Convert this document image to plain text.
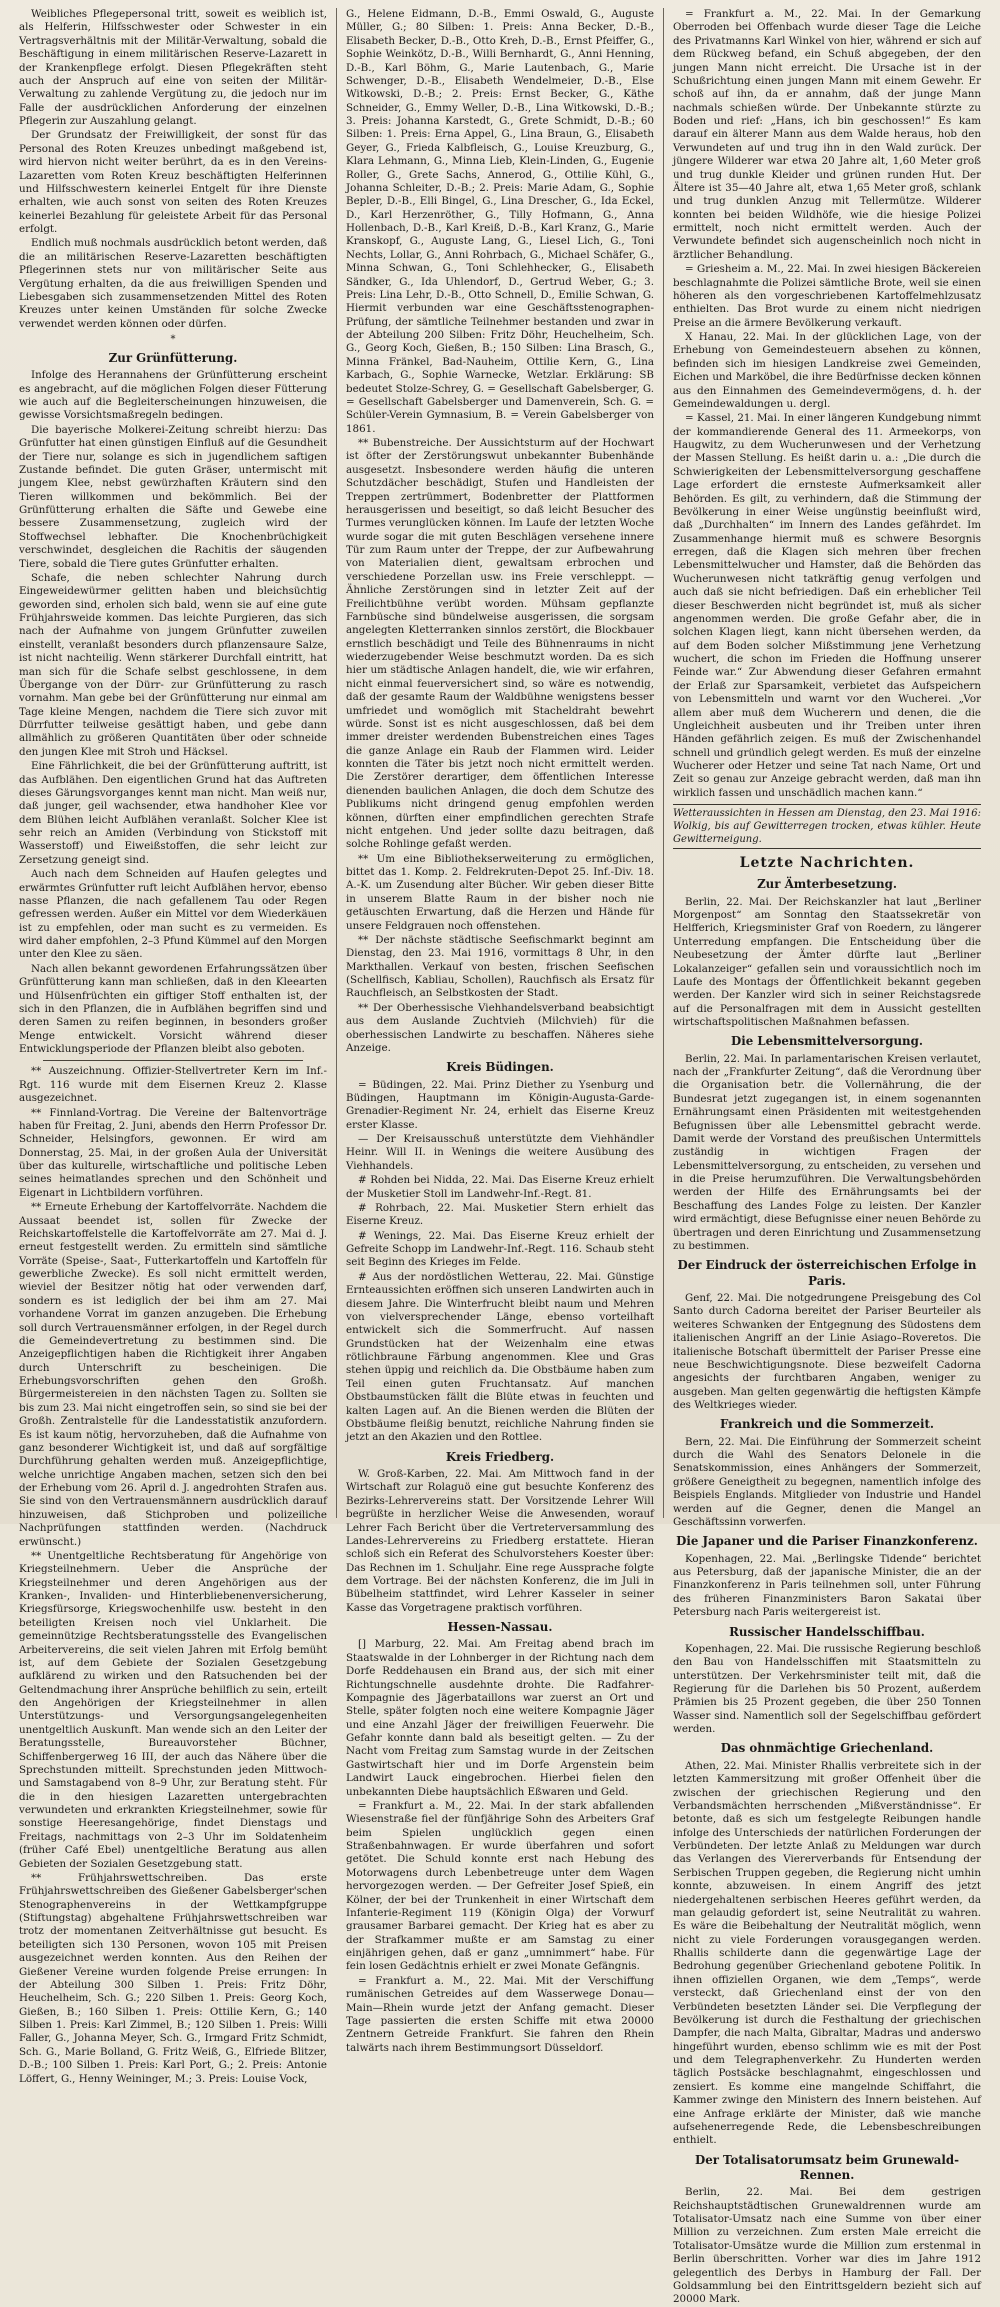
Weibliches Pflegepersonal tritt, soweit es weiblich ist, als Helferin, Hilfsschwester oder Schwester in ein Vertragsverhältnis mit der Militär-Verwaltung, sobald die Beschäftigung in einem militärischen Reserve-Lazarett in der Krankenpflege erfolgt. Diesen Pflegekräften steht auch der Anspruch auf eine von seiten der Militär-Verwaltung zu zahlende Vergütung zu, die jedoch nur im Falle der ausdrücklichen Anforderung der einzelnen Pflegerin zur Auszahlung gelangt.

Der Grundsatz der Freiwilligkeit, der sonst für das Personal des Roten Kreuzes unbedingt maßgebend ist, wird hiervon nicht weiter berührt, da es in den Vereins-Lazaretten vom Roten Kreuz beschäftigten Helferinnen und Hilfsschwestern keinerlei Entgelt für ihre Dienste erhalten, wie auch sonst von seiten des Roten Kreuzes keinerlei Bezahlung für geleistete Arbeit für das Personal erfolgt.

Endlich muß nochmals ausdrücklich betont werden, daß die an militärischen Reserve-Lazaretten beschäftigten Pflegerinnen stets nur von militärischer Seite aus Vergütung erhalten, da die aus freiwilligen Spenden und Liebesgaben sich zusammensetzenden Mittel des Roten Kreuzes unter keinen Umständen für solche Zwecke verwendet werden können oder dürfen.

*
Zur Grünfütterung.

Infolge des Herannahens der Grünfütterung erscheint es angebracht, auf die möglichen Folgen dieser Fütterung wie auch auf die Begleiterscheinungen hinzuweisen, die gewisse Vorsichtsmaßregeln bedingen.

Die bayerische Molkerei-Zeitung schreibt hierzu: Das Grünfutter hat einen günstigen Einfluß auf die Gesundheit der Tiere nur, solange es sich in jugendlichem saftigen Zustande befindet. Die guten Gräser, untermischt mit jungem Klee, nebst gewürzhaften Kräutern sind den Tieren willkommen und bekömmlich. Bei der Grünfütterung erhalten die Säfte und Gewebe eine bessere Zusammensetzung, zugleich wird der Stoffwechsel lebhafter. Die Knochenbrüchigkeit verschwindet, desgleichen die Rachitis der säugenden Tiere, sobald die Tiere gutes Grünfutter erhalten.

Schafe, die neben schlechter Nahrung durch Eingeweidewürmer gelitten haben und bleichsüchtig geworden sind, erholen sich bald, wenn sie auf eine gute Frühjahrsweide kommen. Das leichte Purgieren, das sich nach der Aufnahme von jungem Grünfutter zuweilen einstellt, veranlaßt besonders durch pflanzensaure Salze, ist nicht nachteilig. Wenn stärkerer Durchfall eintritt, hat man sich für die Schafe selbst geschlossene, in dem Übergange von der Dürr- zur Grünfütterung zu rasch vornahm. Man gebe bei der Grünfütterung nur einmal am Tage kleine Mengen, nachdem die Tiere sich zuvor mit Dürrfutter teilweise gesättigt haben, und gebe dann allmählich zu größeren Quantitäten über oder schneide den jungen Klee mit Stroh und Häcksel.

Eine Fährlichkeit, die bei der Grünfütterung auftritt, ist das Aufblähen. Den eigentlichen Grund hat das Auftreten dieses Gärungsvorganges kennt man nicht. Man weiß nur, daß junger, geil wachsender, etwa handhoher Klee vor dem Blühen leicht Aufblähen veranlaßt. Solcher Klee ist sehr reich an Amiden (Verbindung von Stickstoff mit Wasserstoff) und Eiweißstoffen, die sehr leicht zur Zersetzung geneigt sind.

Auch nach dem Schneiden auf Haufen gelegtes und erwärmtes Grünfutter ruft leicht Aufblähen hervor, ebenso nasse Pflanzen, die nach gefallenem Tau oder Regen gefressen werden. Außer ein Mittel vor dem Wiederkäuen ist zu empfehlen, oder man sucht es zu vermeiden. Es wird daher empfohlen, 2–3 Pfund Kümmel auf den Morgen unter den Klee zu säen.

Nach allen bekannt gewordenen Erfahrungssätzen über Grünfütterung kann man schließen, daß in den Kleearten und Hülsenfrüchten ein giftiger Stoff enthalten ist, der sich in den Pflanzen, die in Aufblähen begriffen sind und deren Samen zu reifen beginnen, in besonders großer Menge entwickelt. Vorsicht während dieser Entwicklungsperiode der Pflanzen bleibt also geboten.

** Auszeichnung. Offizier-Stellvertreter Kern im Inf.-Rgt. 116 wurde mit dem Eisernen Kreuz 2. Klasse ausgezeichnet.

** Finnland-Vortrag. Die Vereine der Baltenvorträge haben für Freitag, 2. Juni, abends den Herrn Professor Dr. Schneider, Helsingfors, gewonnen. Er wird am Donnerstag, 25. Mai, in der großen Aula der Universität über das kulturelle, wirtschaftliche und politische Leben seines heimatlandes sprechen und den Schönheit und Eigenart in Lichtbildern vorführen.

** Erneute Erhebung der Kartoffelvorräte. Nachdem die Aussaat beendet ist, sollen für Zwecke der Reichskartoffelstelle die Kartoffelvorräte am 27. Mai d. J. erneut festgestellt werden. Zu ermitteln sind sämtliche Vorräte (Speise-, Saat-, Futterkartoffeln und Kartoffeln für gewerbliche Zwecke). Es soll nicht ermittelt werden, wieviel der Besitzer nötig hat oder verwenden darf, sondern es ist lediglich der bei ihm am 27. Mai vorhandene Vorrat im ganzen anzugeben. Die Erhebung soll durch Vertrauensmänner erfolgen, in der Regel durch die Gemeindevertretung zu bestimmen sind. Die Anzeigepflichtigen haben die Richtigkeit ihrer Angaben durch Unterschrift zu bescheinigen. Die Erhebungsvorschriften gehen den Großh. Bürgermeistereien in den nächsten Tagen zu. Sollten sie bis zum 23. Mai nicht eingetroffen sein, so sind sie bei der Großh. Zentralstelle für die Landesstatistik anzufordern. Es ist kaum nötig, hervorzuheben, daß die Aufnahme von ganz besonderer Wichtigkeit ist, und daß auf sorgfältige Durchführung gehalten werden muß. Anzeigepflichtige, welche unrichtige Angaben machen, setzen sich den bei der Erhebung vom 26. April d. J. angedrohten Strafen aus. Sie sind von den Vertrauensmännern ausdrücklich darauf hinzuweisen, daß Stichproben und polizeiliche Nachprüfungen stattfinden werden. (Nachdruck erwünscht.)

** Unentgeltliche Rechtsberatung für Angehörige von Kriegsteilnehmern. Ueber die Ansprüche der Kriegsteilnehmer und deren Angehörigen aus der Kranken-, Invaliden- und Hinterbliebenenversicherung, Kriegsfürsorge, Kriegswochenhilfe usw. besteht in den beteiligten Kreisen noch viel Unklarheit. Die gemeinnützige Rechtsberatungsstelle des Evangelischen Arbeitervereins, die seit vielen Jahren mit Erfolg bemüht ist, auf dem Gebiete der Sozialen Gesetzgebung aufklärend zu wirken und den Ratsuchenden bei der Geltendmachung ihrer Ansprüche behilflich zu sein, erteilt den Angehörigen der Kriegsteilnehmer in allen Unterstützungs- und Versorgungsangelegenheiten unentgeltlich Auskunft. Man wende sich an den Leiter der Beratungsstelle, Bureauvorsteher Büchner, Schiffenbergerweg 16 III, der auch das Nähere über die Sprechstunden mitteilt. Sprechstunden jeden Mittwoch- und Samstagabend von 8–9 Uhr, zur Beratung steht. Für die in den hiesigen Lazaretten untergebrachten verwundeten und erkrankten Kriegsteilnehmer, sowie für sonstige Heeresangehörige, findet Dienstags und Freitags, nachmittags von 2–3 Uhr im Soldatenheim (früher Café Ebel) unentgeltliche Beratung aus allen Gebieten der Sozialen Gesetzgebung statt.

** Frühjahrswettschreiben. Das erste Frühjahrswettschreiben des Gießener Gabelsberger'schen Stenographenvereins in der Wettkampfgruppe (Stiftungstag) abgehaltene Frühjahrswettschreiben war trotz der momentanen Zeitverhältnisse gut besucht. Es beteiligten sich 130 Personen, wovon 105 mit Preisen ausgezeichnet werden konnten. Aus den Reihen der Gießener Vereine wurden folgende Preise errungen: In der Abteilung 300 Silben 1. Preis: Fritz Döhr, Heuchelheim, Sch. G.; 220 Silben 1. Preis: Georg Koch, Gießen, B.; 160 Silben 1. Preis: Ottilie Kern, G.; 140 Silben 1. Preis: Karl Zimmel, B.; 120 Silben 1. Preis: Willi Faller, G., Johanna Meyer, Sch. G., Irmgard Fritz Schmidt, Sch. G., Marie Bolland, G. Fritz Weiß, G., Elfriede Blitzer, D.-B.; 100 Silben 1. Preis: Karl Port, G.; 2. Preis: Antonie Löffert, G., Henny Weininger, M.; 3. Preis: Louise Vock,

G., Helene Eidmann, D.-B., Emmi Oswald, G., Auguste Müller, G.; 80 Silben: 1. Preis: Anna Becker, D.-B., Elisabeth Becker, D.-B., Otto Kreh, D.-B., Ernst Pfeiffer, G., Sophie Weinkötz, D.-B., Willi Bernhardt, G., Anni Henning, D.-B., Karl Böhm, G., Marie Lautenbach, G., Marie Schwenger, D.-B., Elisabeth Wendelmeier, D.-B., Else Witkowski, D.-B.; 2. Preis: Ernst Becker, G., Käthe Schneider, G., Emmy Weller, D.-B., Lina Witkowski, D.-B.; 3. Preis: Johanna Karstedt, G., Grete Schmidt, D.-B.; 60 Silben: 1. Preis: Erna Appel, G., Lina Braun, G., Elisabeth Geyer, G., Frieda Kalbfleisch, G., Louise Kreuzburg, G., Klara Lehmann, G., Minna Lieb, Klein-Linden, G., Eugenie Roller, G., Grete Sachs, Annerod, G., Ottilie Kühl, G., Johanna Schleiter, D.-B.; 2. Preis: Marie Adam, G., Sophie Bepler, D.-B., Elli Bingel, G., Lina Drescher, G., Ida Eckel, D., Karl Herzenröther, G., Tilly Hofmann, G., Anna Hollenbach, D.-B., Karl Kreiß, D.-B., Karl Kranz, G., Marie Kranskopf, G., Auguste Lang, G., Liesel Lich, G., Toni Nechts, Lollar, G., Anni Rohrbach, G., Michael Schäfer, G., Minna Schwan, G., Toni Schlehhecker, G., Elisabeth Sändker, G., Ida Uhlendorf, D., Gertrud Weber, G.; 3. Preis: Lina Lehr, D.-B., Otto Schnell, D., Emilie Schwan, G. Hiermit verbunden war eine Geschäftsstenographen-Prüfung, der sämtliche Teilnehmer bestanden und zwar in der Abteilung 200 Silben: Fritz Döhr, Heuchelheim, Sch. G., Georg Koch, Gießen, B.; 150 Silben: Lina Brasch, G., Minna Fränkel, Bad-Nauheim, Ottilie Kern, G., Lina Karbach, G., Sophie Warnecke, Wetzlar. Erklärung: SB bedeutet Stolze-Schrey, G. = Gesellschaft Gabelsberger, G. = Gesellschaft Gabelsberger und Damenverein, Sch. G. = Schüler-Verein Gymnasium, B. = Verein Gabelsberger von 1861.

** Bubenstreiche. Der Aussichtsturm auf der Hochwart ist öfter der Zerstörungswut unbekannter Bubenhände ausgesetzt. Insbesondere werden häufig die unteren Schutzdächer beschädigt, Stufen und Handleisten der Treppen zertrümmert, Bodenbretter der Plattformen herausgerissen und beseitigt, so daß leicht Besucher des Turmes verunglücken können. Im Laufe der letzten Woche wurde sogar die mit guten Beschlägen versehene innere Tür zum Raum unter der Treppe, der zur Aufbewahrung von Materialien dient, gewaltsam erbrochen und verschiedene Porzellan usw. ins Freie verschleppt. — Ähnliche Zerstörungen sind in letzter Zeit auf der Freilichtbühne verübt worden. Mühsam gepflanzte Farnbüsche sind bündelweise ausgerissen, die sorgsam angelegten Kletterranken sinnlos zerstört, die Blockbauer ernstlich beschädigt und Teile des Bühnenraums in nicht wiederzugebender Weise beschmutzt worden. Da es sich hier um städtische Anlagen handelt, die, wie wir erfahren, nicht einmal feuerversichert sind, so wäre es notwendig, daß der gesamte Raum der Waldbühne wenigstens besser umfriedet und womöglich mit Stacheldraht bewehrt würde. Sonst ist es nicht ausgeschlossen, daß bei dem immer dreister werdenden Bubenstreichen eines Tages die ganze Anlage ein Raub der Flammen wird. Leider konnten die Täter bis jetzt noch nicht ermittelt werden. Die Zerstörer derartiger, dem öffentlichen Interesse dienenden baulichen Anlagen, die doch dem Schutze des Publikums nicht dringend genug empfohlen werden können, dürften einer empfindlichen gerechten Strafe nicht entgehen. Und jeder sollte dazu beitragen, daß solche Rohlinge gefaßt werden.

** Um eine Bibliothekserweiterung zu ermöglichen, bittet das 1. Komp. 2. Feldrekruten-Depot 25. Inf.-Div. 18. A.-K. um Zusendung alter Bücher. Wir geben dieser Bitte in unserem Blatte Raum in der bisher noch nie getäuschten Erwartung, daß die Herzen und Hände für unsere Feldgrauen noch offenstehen.

** Der nächste städtische Seefischmarkt beginnt am Dienstag, den 23. Mai 1916, vormittags 8 Uhr, in den Markthallen. Verkauf von besten, frischen Seefischen (Schellfisch, Kabliau, Schollen), Rauchfisch als Ersatz für Rauchfleisch, an Selbstkosten der Stadt.

** Der Oberhessische Viehhandelsverband beabsichtigt aus dem Auslande Zuchtvieh (Milchvieh) für die oberhessischen Landwirte zu beschaffen. Näheres siehe Anzeige.

Kreis Büdingen.

= Büdingen, 22. Mai. Prinz Diether zu Ysenburg und Büdingen, Hauptmann im Königin-Augusta-Garde-Grenadier-Regiment Nr. 24, erhielt das Eiserne Kreuz erster Klasse.

— Der Kreisausschuß unterstützte dem Viehhändler Heinr. Will II. in Wenings die weitere Ausübung des Viehhandels.

# Rohden bei Nidda, 22. Mai. Das Eiserne Kreuz erhielt der Musketier Stoll im Landwehr-Inf.-Regt. 81.

# Rohrbach, 22. Mai. Musketier Stern erhielt das Eiserne Kreuz.

# Wenings, 22. Mai. Das Eiserne Kreuz erhielt der Gefreite Schopp im Landwehr-Inf.-Regt. 116. Schaub steht seit Beginn des Krieges im Felde.

# Aus der nordöstlichen Wetterau, 22. Mai. Günstige Ernteaussichten eröffnen sich unseren Landwirten auch in diesem Jahre. Die Winterfrucht bleibt naum und Mehren von vielversprechender Länge, ebenso vorteilhaft entwickelt sich die Sommerfrucht. Auf nassen Grundstücken hat der Weizenhalm eine etwas rötlichbraune Färbung angenommen. Klee und Gras stehen üppig und reichlich da. Die Obstbäume haben zum Teil einen guten Fruchtansatz. Auf manchen Obstbaumstücken fällt die Blüte etwas in feuchten und kalten Lagen auf. An die Bienen werden die Blüten der Obstbäume fleißig benutzt, reichliche Nahrung finden sie jetzt an den Akazien und den Rottlee.

Kreis Friedberg.

W. Groß-Karben, 22. Mai. Am Mittwoch fand in der Wirtschaft zur Rolaguö eine gut besuchte Konferenz des Bezirks-Lehrervereins statt. Der Vorsitzende Lehrer Will begrüßte in herzlicher Weise die Anwesenden, worauf Lehrer Fach Bericht über die Vertreterversammlung des Landes-Lehrervereins zu Friedberg erstattete. Hieran schloß sich ein Referat des Schulvorstehers Koester über: Das Rechnen im 1. Schuljahr. Eine rege Aussprache folgte dem Vortrage. Bei der nächsten Konferenz, die im Juli in Bübelheim stattfindet, wird Lehrer Kasseler in seiner Kasse das Vorgetragene praktisch vorführen.

Hessen-Nassau.

[] Marburg, 22. Mai. Am Freitag abend brach im Staatswalde in der Lohnberger in der Richtung nach dem Dorfe Reddehausen ein Brand aus, der sich mit einer Richtungschnelle ausdehnte drohte. Die Radfahrer-Kompagnie des Jägerbataillons war zuerst an Ort und Stelle, später folgten noch eine weitere Kompagnie Jäger und eine Anzahl Jäger der freiwilligen Feuerwehr. Die Gefahr konnte dann bald als beseitigt gelten. — Zu der Nacht vom Freitag zum Samstag wurde in der Zeitschen Gastwirtschaft hier und im Dorfe Argenstein beim Landwirt Lauck eingebrochen. Hierbei fielen den unbekannten Diebe hauptsächlich Eßwaren und Geld.

= Frankfurt a. M., 22. Mai. In der stark abfallenden Wiesenstraße fiel der fünfjährige Sohn des Arbeiters Graf beim Spielen unglücklich gegen einen Straßenbahnwagen. Er wurde überfahren und sofort getötet. Die Schuld konnte erst nach Hebung des Motorwagens durch Lebenbetreuge unter dem Wagen hervorgezogen werden. — Der Gefreiter Josef Spieß, ein Kölner, der bei der Trunkenheit in einer Wirtschaft dem Infanterie-Regiment 119 (Königin Olga) der Vorwurf grausamer Barbarei gemacht. Der Krieg hat es aber zu der Strafkammer mußte er am Samstag zu einer einjährigen gehen, daß er ganz „umnimmert“ habe. Für fein losen Gedächtnis erhielt er zwei Monate Gefängnis.

= Frankfurt a. M., 22. Mai. Mit der Verschiffung rumänischen Getreides auf dem Wasserwege Donau—Main—Rhein wurde jetzt der Anfang gemacht. Dieser Tage passierten die ersten Schiffe mit etwa 20000 Zentnern Getreide Frankfurt. Sie fahren den Rhein talwärts nach ihrem Bestimmungsort Düsseldorf.

= Frankfurt a. M., 22. Mai. In der Gemarkung Oberroden bei Offenbach wurde dieser Tage die Leiche des Privatmanns Karl Winkel von hier, während er sich auf dem Rückweg befand, ein Schuß abgegeben, der den jungen Mann nicht erreicht. Die Ursache ist in der Schußrichtung einen jungen Mann mit einem Gewehr. Er schoß auf ihn, da er annahm, daß der junge Mann nachmals schießen würde. Der Unbekannte stürzte zu Boden und rief: „Hans, ich bin geschossen!“ Es kam darauf ein älterer Mann aus dem Walde heraus, hob den Verwundeten auf und trug ihn in den Wald zurück. Der jüngere Wilderer war etwa 20 Jahre alt, 1,60 Meter groß und trug dunkle Kleider und grünen runden Hut. Der Ältere ist 35—40 Jahre alt, etwa 1,65 Meter groß, schlank und trug dunklen Anzug mit Tellermütze. Wilderer konnten bei beiden Wildhöfe, wie die hiesige Polizei ermittelt, noch nicht ermittelt werden. Auch der Verwundete befindet sich augenscheinlich noch nicht in ärztlicher Behandlung.

= Griesheim a. M., 22. Mai. In zwei hiesigen Bäckereien beschlagnahmte die Polizei sämtliche Brote, weil sie einen höheren als den vorgeschriebenen Kartoffelmehlzusatz enthielten. Das Brot wurde zu einem nicht niedrigen Preise an die ärmere Bevölkerung verkauft.

X Hanau, 22. Mai. In der glücklichen Lage, von der Erhebung von Gemeindesteuern absehen zu können, befinden sich im hiesigen Landkreise zwei Gemeinden, Eichen und Marköbel, die ihre Bedürfnisse decken können aus den Einnahmen des Gemeindevermögens, d. h. der Gemeindewaldungen u. dergl.

= Kassel, 21. Mai. In einer längeren Kundgebung nimmt der kommandierende General des 11. Armeekorps, von Haugwitz, zu dem Wucherunwesen und der Verhetzung der Massen Stellung. Es heißt darin u. a.: „Die durch die Schwierigkeiten der Lebensmittelversorgung geschaffene Lage erfordert die ernsteste Aufmerksamkeit aller Behörden. Es gilt, zu verhindern, daß die Stimmung der Bevölkerung in einer Weise ungünstig beeinflußt wird, daß „Durchhalten“ im Innern des Landes gefährdet. Im Zusammenhange hiermit muß es schwere Besorgnis erregen, daß die Klagen sich mehren über frechen Lebensmittelwucher und Hamster, daß die Behörden das Wucherunwesen nicht tatkräftig genug verfolgen und auch daß sie nicht befriedigen. Daß ein erheblicher Teil dieser Beschwerden nicht begründet ist, muß als sicher angenommen werden. Die große Gefahr aber, die in solchen Klagen liegt, kann nicht übersehen werden, da auf dem Boden solcher Mißstimmung jene Verhetzung wuchert, die schon im Frieden die Hoffnung unserer Feinde war.“ Zur Abwendung dieser Gefahren ermahnt der Erlaß zur Sparsamkeit, verbietet das Aufspeichern von Lebensmitteln und warnt vor den Wucherei. „Vor allem aber muß dem Wucherern und denen, die die Ungleichheit ausbeuten und ihr Treiben unter ihren Händen gefährlich zeigen. Es muß der Zwischenhandel schnell und gründlich gelegt werden. Es muß der einzelne Wucherer oder Hetzer und seine Tat nach Name, Ort und Zeit so genau zur Anzeige gebracht werden, daß man ihn wirklich fassen und unschädlich machen kann.“

Wetteraussichten in Hessen am Dienstag, den 23. Mai 1916: Wolkig, bis auf Gewitterregen trocken, etwas kühler. Heute Gewitterneigung.
Letzte Nachrichten.
Zur Ämterbesetzung.

Berlin, 22. Mai. Der Reichskanzler hat laut „Berliner Morgenpost“ am Sonntag den Staatssekretär von Helfferich, Kriegsminister Graf von Roedern, zu längerer Unterredung empfangen. Die Entscheidung über die Neubesetzung der Ämter dürfte laut „Berliner Lokalanzeiger“ gefallen sein und voraussichtlich noch im Laufe des Montags der Öffentlichkeit bekannt gegeben werden. Der Kanzler wird sich in seiner Reichstagsrede auf die Personalfragen mit dem in Aussicht gestellten wirtschaftspolitischen Maßnahmen befassen.

Die Lebensmittelversorgung.

Berlin, 22. Mai. In parlamentarischen Kreisen verlautet, nach der „Frankfurter Zeitung“, daß die Verordnung über die Organisation betr. die Vollernährung, die der Bundesrat jetzt zugegangen ist, in einem sogenannten Ernährungsamt einen Präsidenten mit weitestgehenden Befugnissen über alle Lebensmittel gebracht werde. Damit werde der Vorstand des preußischen Untermittels zuständig in wichtigen Fragen der Lebensmittelversorgung, zu entscheiden, zu versehen und in die Preise herumzuführen. Die Verwaltungsbehörden werden der Hilfe des Ernährungsamts bei der Beschaffung des Landes Folge zu leisten. Der Kanzler wird ermächtigt, diese Befugnisse einer neuen Behörde zu übertragen und deren Einrichtung und Zusammensetzung zu bestimmen.

Der Eindruck der österreichischen Erfolge in Paris.

Genf, 22. Mai. Die notgedrungene Preisgebung des Col Santo durch Cadorna bereitet der Pariser Beurteiler als weiteres Schwanken der Entgegnung des Südostens dem italienischen Angriff an der Linie Asiago–Roveretos. Die italienische Botschaft übermittelt der Pariser Presse eine neue Beschwichtigungsnote. Diese bezweifelt Cadorna angesichts der furchtbaren Angaben, weniger zu ausgeben. Man gelten gegenwärtig die heftigsten Kämpfe des Weltkrieges wieder.

Frankreich und die Sommerzeit.

Bern, 22. Mai. Die Einführung der Sommerzeit scheint durch die Wahl des Senators Delonele in die Senatskommission, eines Anhängers der Sommerzeit, größere Geneigtheit zu begegnen, namentlich infolge des Beispiels Englands. Mitglieder von Industrie und Handel werden auf die Gegner, denen die Mangel an Geschäftssinn vorwerfen.

Die Japaner und die Pariser Finanzkonferenz.

Kopenhagen, 22. Mai. „Berlingske Tidende“ berichtet aus Petersburg, daß der japanische Minister, die an der Finanzkonferenz in Paris teilnehmen soll, unter Führung des früheren Finanzministers Baron Sakatai über Petersburg nach Paris weitergereist ist.

Russischer Handelsschiffbau.

Kopenhagen, 22. Mai. Die russische Regierung beschloß den Bau von Handelsschiffen mit Staatsmitteln zu unterstützen. Der Verkehrsminister teilt mit, daß die Regierung für die Darlehen bis 50 Prozent, außerdem Prämien bis 25 Prozent gegeben, die über 250 Tonnen Wasser sind. Namentlich soll der Segelschiffbau gefördert werden.

Das ohnmächtige Griechenland.

Athen, 22. Mai. Minister Rhallis verbreitete sich in der letzten Kammersitzung mit großer Offenheit über die zwischen der griechischen Regierung und den Verbandsmächten herrschenden „Mißverständnisse“. Er betonte, daß es sich um festgelegte Reibungen handle infolge des Unterschieds der natürlichen Forderungen der Verbündeten. Der letzte Anlaß zu Meldungen war durch das Verlangen des Viererverbands für Entsendung der Serbischen Truppen gegeben, die Regierung nicht umhin konnte, abzuweisen. In einem Angriff des jetzt niedergehaltenen serbischen Heeres geführt werden, da man gelaudig gefordert ist, seine Neutralität zu wahren. Es wäre die Beibehaltung der Neutralität möglich, wenn nicht zu viele Forderungen vorausgegangen werden. Rhallis schilderte dann die gegenwärtige Lage der Bedrohung gegenüber Griechenland gebotene Politik. In ihnen offiziellen Organen, wie dem „Temps“, werde versteckt, daß Griechenland einst der von den Verbündeten besetzten Länder sei. Die Verpflegung der Bevölkerung ist durch die Festhaltung der griechischen Dampfer, die nach Malta, Gibraltar, Madras und anderswo hingeführt wurden, ebenso schlimm wie es mit der Post und dem Telegraphenverkehr. Zu Hunderten werden täglich Postsäcke beschlagnahmt, eingeschlossen und zensiert. Es komme eine mangelnde Schiffahrt, die Kammer zwinge den Ministern des Innern beistehen. Auf eine Anfrage erklärte der Minister, daß wie manche aufsehenerregende Rede, die Lebensbeschreibungen enthielt.

Der Totalisatorumsatz beim Grunewald-Rennen.

Berlin, 22. Mai. Bei dem gestrigen Reichshauptstädtischen Grunewaldrennen wurde am Totalisator-Umsatz nach eine Summe von über einer Million zu verzeichnen. Zum ersten Male erreicht die Totalisator-Umsätze wurde die Million zum erstenmal in Berlin überschritten. Vorher war dies im Jahre 1912 gelegentlich des Derbys in Hamburg der Fall. Der Goldsammlung bei den Eintrittsgeldern bezieht sich auf 20000 Mark.
